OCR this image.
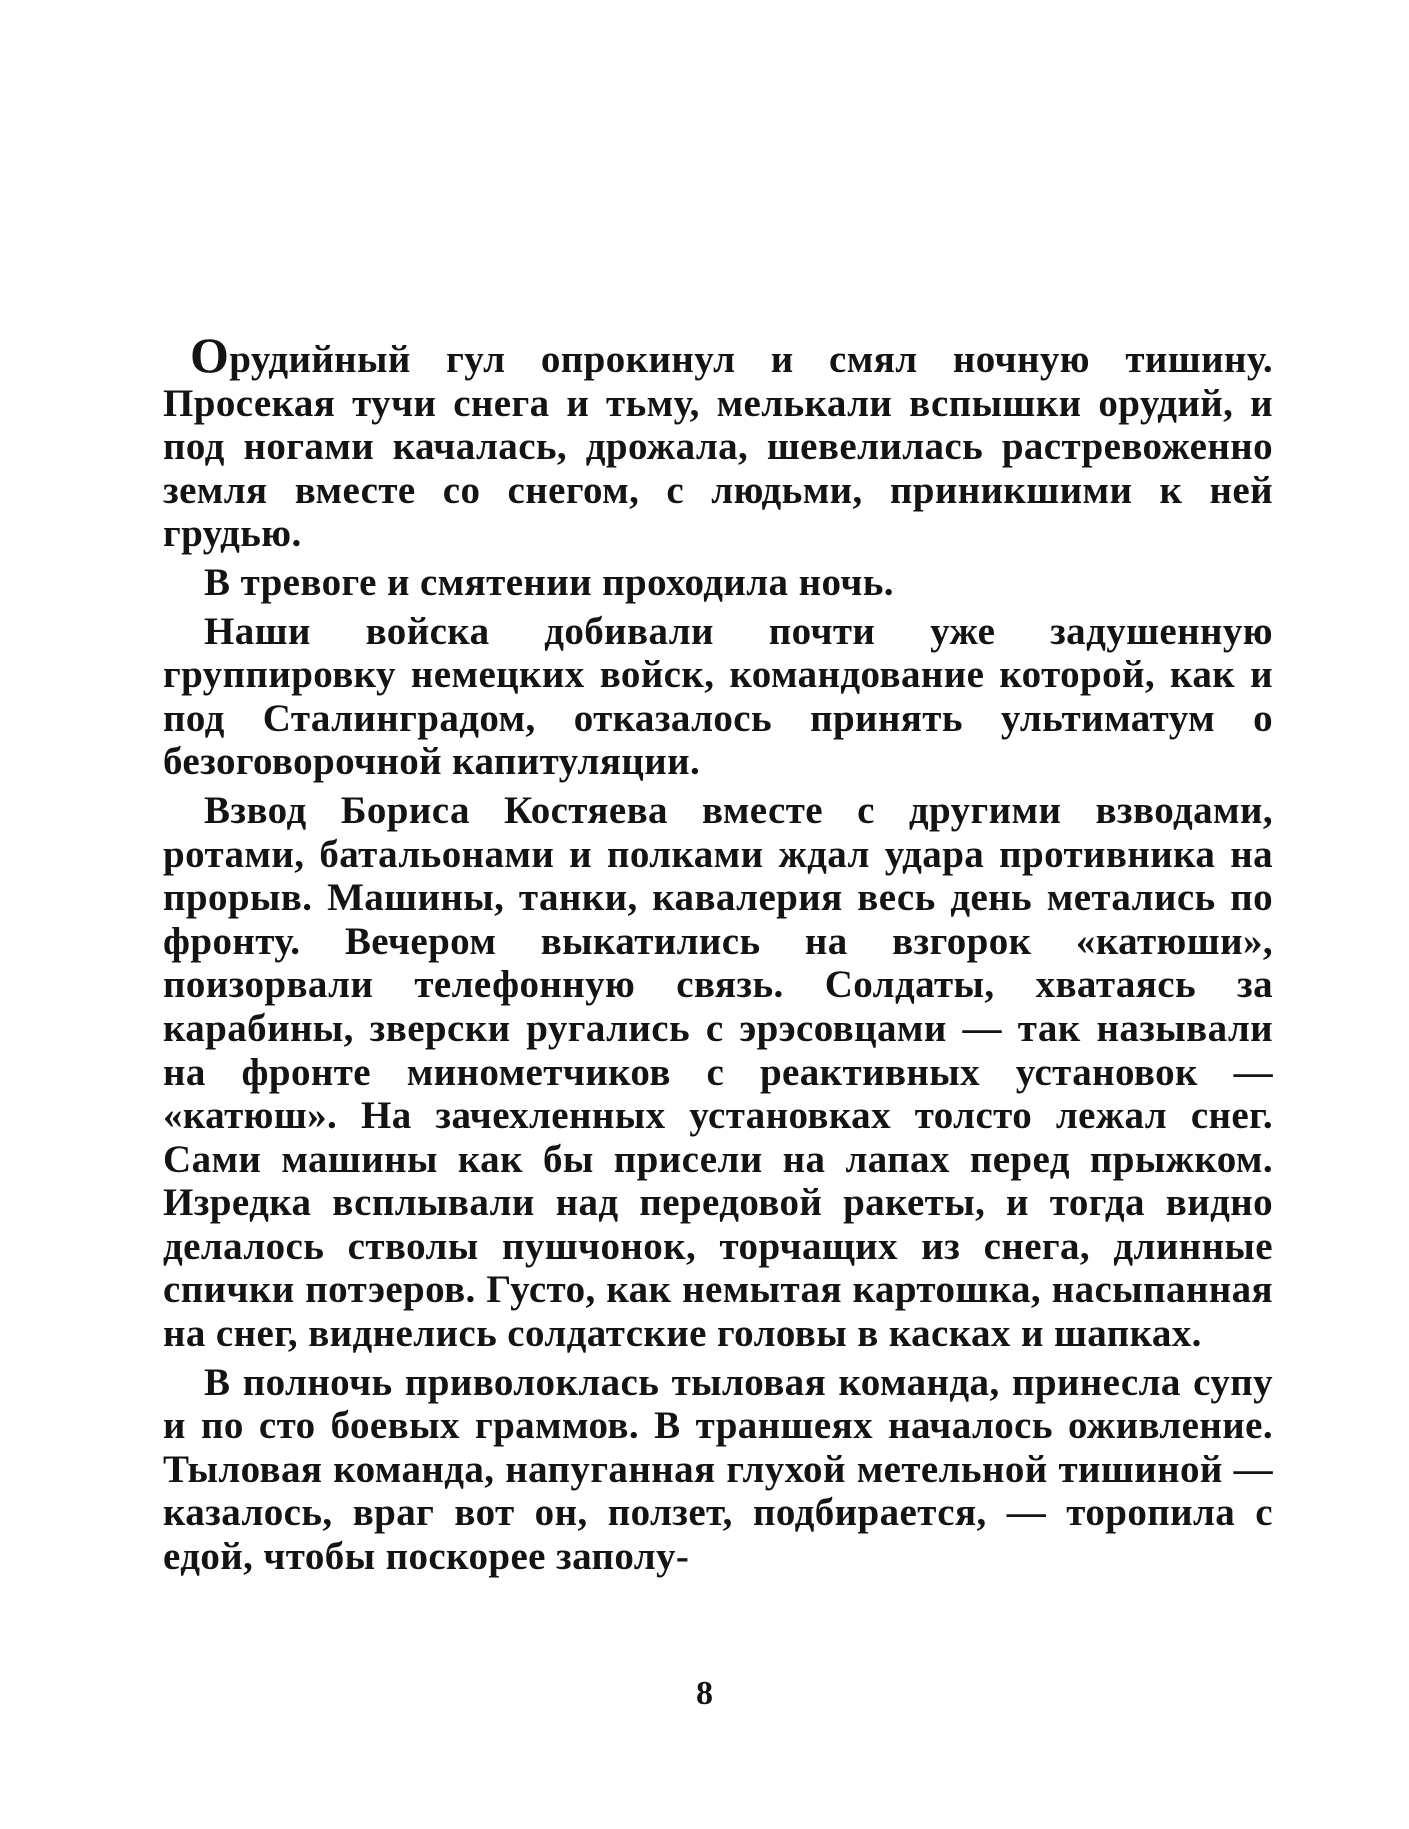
Орудийный гул опрокинул и смял ночную тишину. Просекая тучи снега и тьму, мелькали вспышки орудий, и под ногами качалась, дрожала, шевелилась растревоженно земля вместе со снегом, с людьми, приникшими к ней грудью.

В тревоге и смятении проходила ночь.

Наши войска добивали почти уже задушенную группировку немецких войск, командование которой, как и под Сталинградом, отказалось принять ультиматум о безоговорочной капитуляции.

Взвод Бориса Костяева вместе с другими взводами, ротами, батальонами и полками ждал удара противника на прорыв. Машины, танки, кавалерия весь день метались по фронту. Вечером выкатились на взгорок «катюши», поизорвали телефонную связь. Солдаты, хватаясь за карабины, зверски ругались с эрэсовцами — так называли на фронте минометчиков с реактивных установок — «катюш». На зачехленных установках толсто лежал снег. Сами машины как бы присели на лапах перед прыжком. Изредка всплывали над передовой ракеты, и тогда видно делалось стволы пушчонок, торчащих из снега, длинные спички потэеров. Густо, как немытая картошка, насыпанная на снег, виднелись солдатские головы в касках и шапках.

В полночь приволоклась тыловая команда, принесла супу и по сто боевых граммов. В траншеях началось оживление. Тыловая команда, напуганная глухой метельной тишиной — казалось, враг вот он, ползет, подбирается, — торопила с едой, чтобы поскорее заполу-

8
